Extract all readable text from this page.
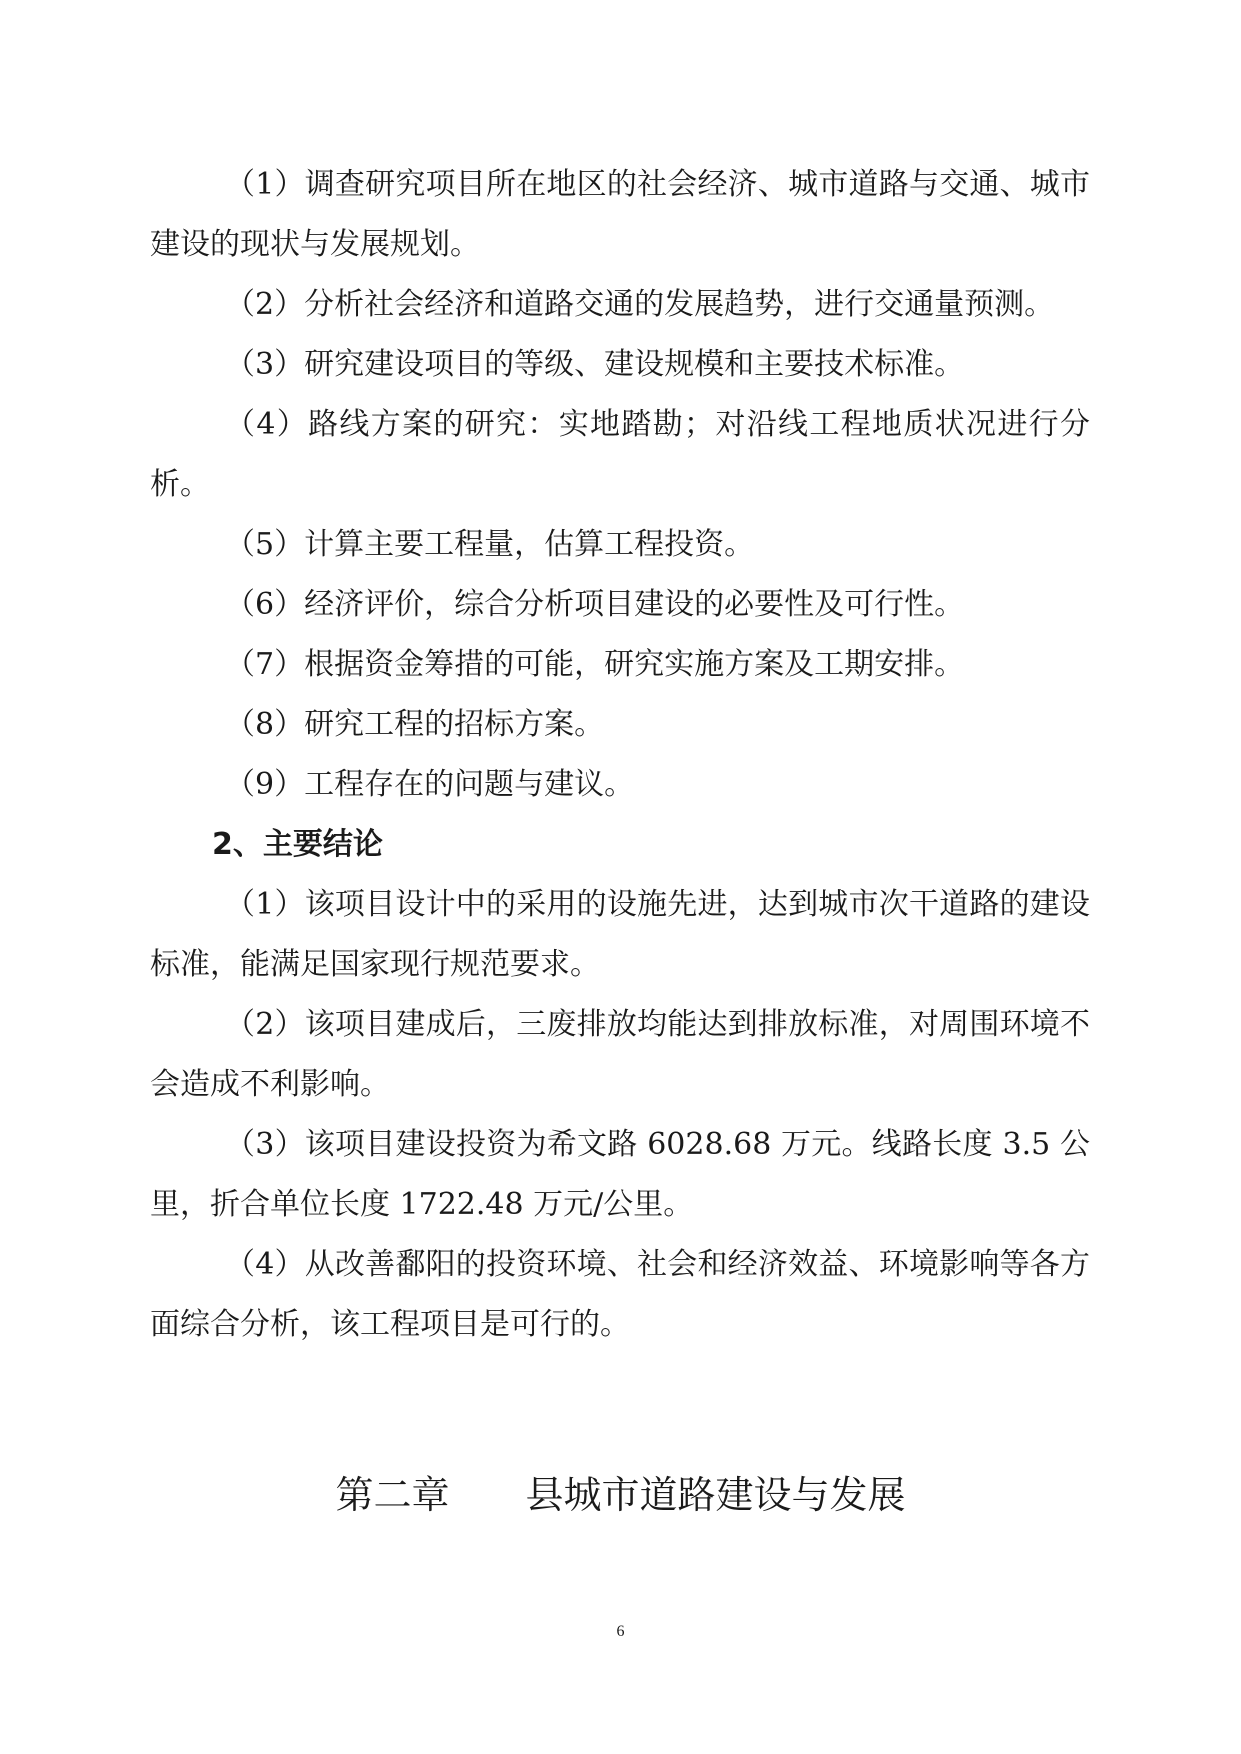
（1）调查研究项目所在地区的社会经济、城市道路与交通、城市建设的现状与发展规划。

（2）分析社会经济和道路交通的发展趋势，进行交通量预测。

（3）研究建设项目的等级、建设规模和主要技术标准。

（4）路线方案的研究：实地踏勘；对沿线工程地质状况进行分析。

（5）计算主要工程量，估算工程投资。

（6）经济评价，综合分析项目建设的必要性及可行性。

（7）根据资金筹措的可能，研究实施方案及工期安排。

（8）研究工程的招标方案。

（9）工程存在的问题与建议。

2、主要结论

（1）该项目设计中的采用的设施先进，达到城市次干道路的建设标准，能满足国家现行规范要求。

（2）该项目建成后，三废排放均能达到排放标准，对周围环境不会造成不利影响。

（3）该项目建设投资为希文路 6028.68 万元。线路长度 3.5 公里，折合单位长度 1722.48 万元/公里。

（4）从改善鄱阳的投资环境、社会和经济效益、环境影响等各方面综合分析，该工程项目是可行的。

第二章　　县城市道路建设与发展

6
